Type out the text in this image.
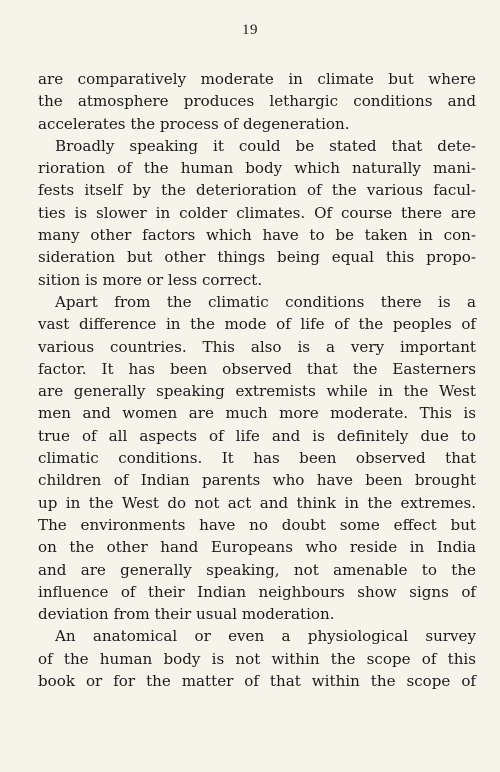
19
are comparatively moderate in climate but where
the atmosphere produces lethargic conditions and
accelerates the process of degeneration.
Broadly speaking it could be stated that dete-
rioration of the human body which naturally mani-
fests itself by the deterioration of the various facul-
ties is slower in colder climates. Of course there are
many other factors which have to be taken in con-
sideration but other things being equal this propo-
sition is more or less correct.
Apart from the climatic conditions there is a
vast difference in the mode of life of the peoples of
various countries. This also is a very important
factor. It has been observed that the Easterners
are generally speaking extremists while in the West
men and women are much more moderate. This is
true of all aspects of life and is definitely due to
climatic conditions. It has been observed that
children of Indian parents who have been brought
up in the West do not act and think in the extremes.
The environments have no doubt some effect but
on the other hand Europeans who reside in India
and are generally speaking, not amenable to the
influence of their Indian neighbours show signs of
deviation from their usual moderation.
An anatomical or even a physiological survey
of the human body is not within the scope of this
book or for the matter of that within the scope of
